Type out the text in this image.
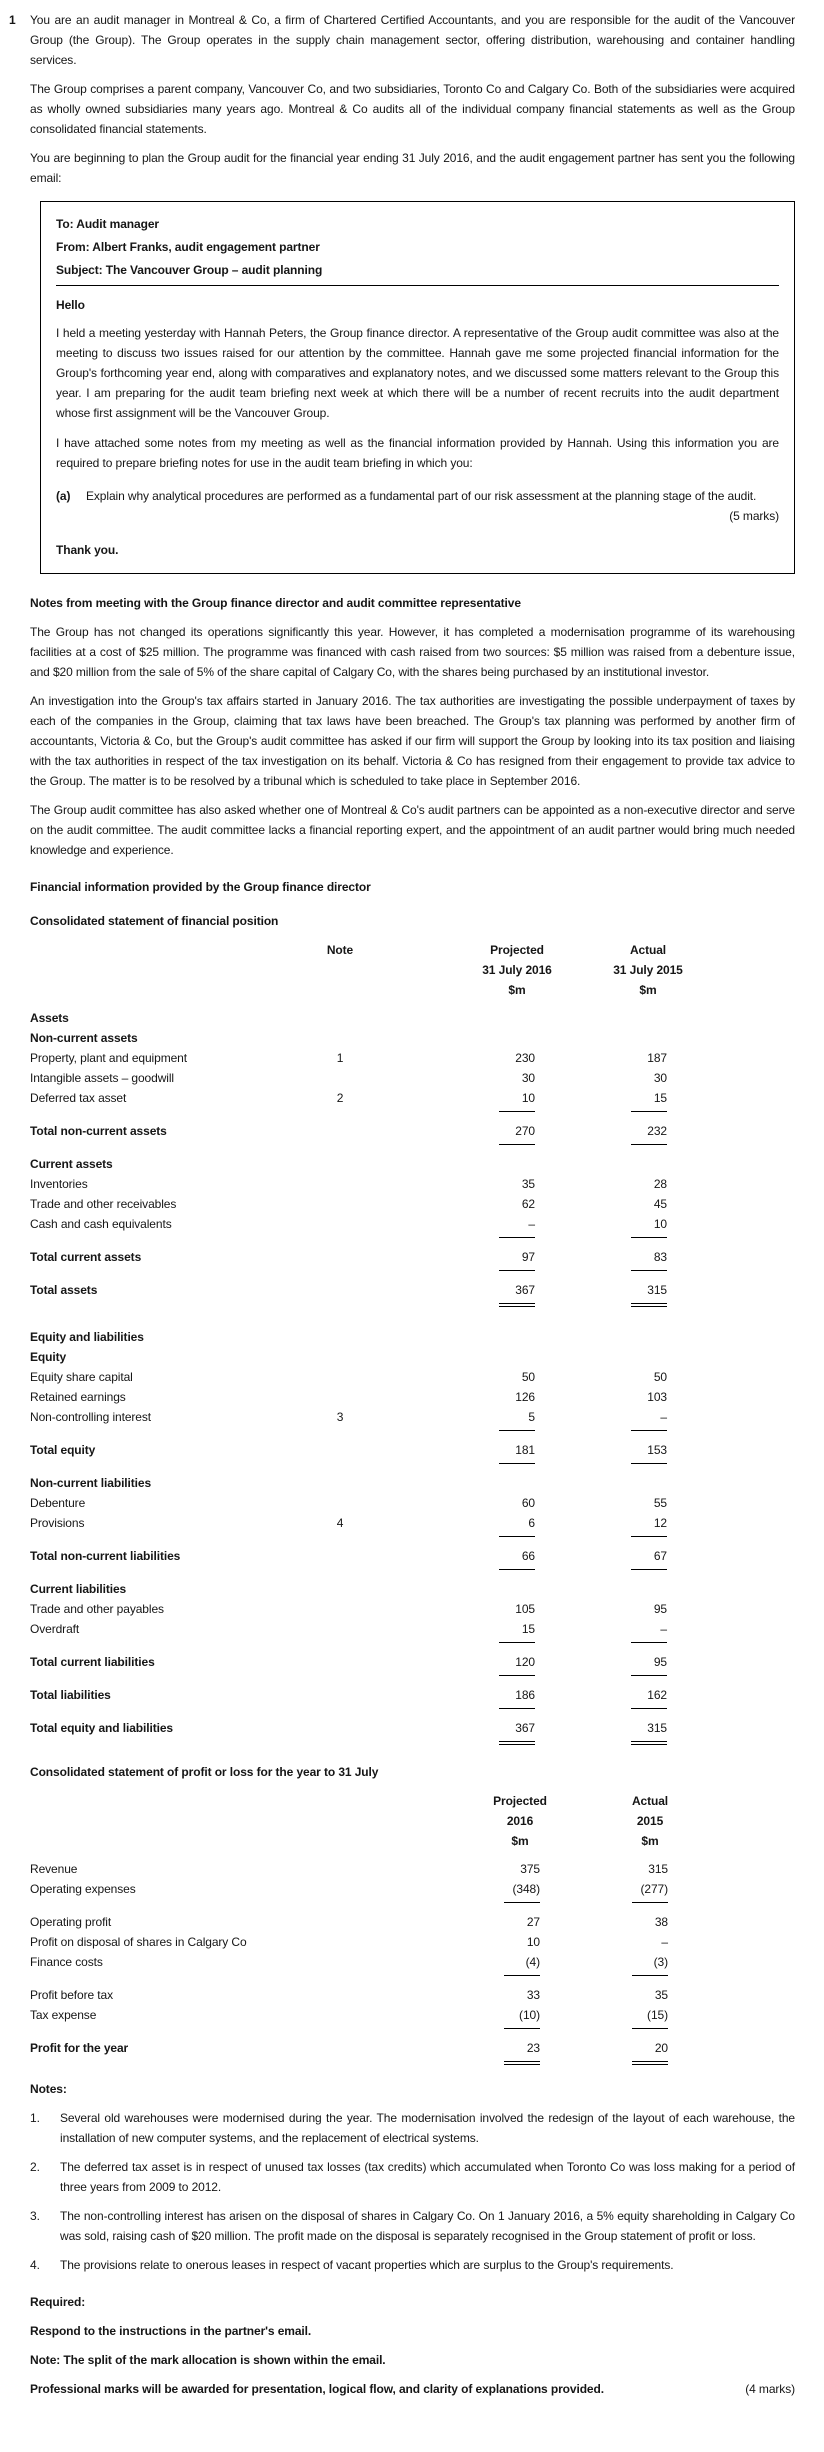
1 You are an audit manager in Montreal & Co, a firm of Chartered Certified Accountants, and you are responsible for the audit of the Vancouver Group (the Group). The Group operates in the supply chain management sector, offering distribution, warehousing and container handling services.

The Group comprises a parent company, Vancouver Co, and two subsidiaries, Toronto Co and Calgary Co. Both of the subsidiaries were acquired as wholly owned subsidiaries many years ago. Montreal & Co audits all of the individual company financial statements as well as the Group consolidated financial statements.

You are beginning to plan the Group audit for the financial year ending 31 July 2016, and the audit engagement partner has sent you the following email:

To: Audit manager

From: Albert Franks, audit engagement partner

Subject: The Vancouver Group – audit planning

Hello

I held a meeting yesterday with Hannah Peters, the Group finance director. A representative of the Group audit committee was also at the meeting to discuss two issues raised for our attention by the committee. Hannah gave me some projected financial information for the Group's forthcoming year end, along with comparatives and explanatory notes, and we discussed some matters relevant to the Group this year. I am preparing for the audit team briefing next week at which there will be a number of recent recruits into the audit department whose first assignment will be the Vancouver Group.

I have attached some notes from my meeting as well as the financial information provided by Hannah. Using this information you are required to prepare briefing notes for use in the audit team briefing in which you:

(a)	Explain why analytical procedures are performed as a fundamental part of our risk assessment at the planning stage of the audit.
(5 marks)

Thank you.

Notes from meeting with the Group finance director and audit committee representative

The Group has not changed its operations significantly this year. However, it has completed a modernisation programme of its warehousing facilities at a cost of $25 million. The programme was financed with cash raised from two sources: $5 million was raised from a debenture issue, and $20 million from the sale of 5% of the share capital of Calgary Co, with the shares being purchased by an institutional investor.

An investigation into the Group's tax affairs started in January 2016. The tax authorities are investigating the possible underpayment of taxes by each of the companies in the Group, claiming that tax laws have been breached. The Group's tax planning was performed by another firm of accountants, Victoria & Co, but the Group's audit committee has asked if our firm will support the Group by looking into its tax position and liaising with the tax authorities in respect of the tax investigation on its behalf. Victoria & Co has resigned from their engagement to provide tax advice to the Group. The matter is to be resolved by a tribunal which is scheduled to take place in September 2016.

The Group audit committee has also asked whether one of Montreal & Co's audit partners can be appointed as a non-executive director and serve on the audit committee. The audit committee lacks a financial reporting expert, and the appointment of an audit partner would bring much needed knowledge and experience.

Financial information provided by the Group finance director
Consolidated statement of financial position
Note	Projected	Actual
31 July 2016	31 July 2015
$m	$m
Assets
Non-current assets
Property, plant and equipment	1	230	187
Intangible assets – goodwill	30	30
Deferred tax asset	2	10	15
Total non-current assets	270	232
Current assets
Inventories	35	28
Trade and other receivables	62	45
Cash and cash equivalents	–	10
Total current assets	97	83
Total assets	367	315
Equity and liabilities
Equity
Equity share capital	50	50
Retained earnings	126	103
Non-controlling interest	3	5	–
Total equity	181	153
Non-current liabilities
Debenture	60	55
Provisions	4	6	12
Total non-current liabilities	66	67
Current liabilities
Trade and other payables	105	95
Overdraft	15	–
Total current liabilities	120	95
Total liabilities	186	162
Total equity and liabilities	367	315
Consolidated statement of profit or loss for the year to 31 July
Projected	Actual
2016	2015
$m	$m
Revenue	375	315
Operating expenses	(348)	(277)
Operating profit	27	38
Profit on disposal of shares in Calgary Co	10	–
Finance costs	(4)	(3)
Profit before tax	33	35
Tax expense	(10)	(15)
Profit for the year	23	20
Notes:
1.	Several old warehouses were modernised during the year. The modernisation involved the redesign of the layout of each warehouse, the installation of new computer systems, and the replacement of electrical systems.
2.	The deferred tax asset is in respect of unused tax losses (tax credits) which accumulated when Toronto Co was loss making for a period of three years from 2009 to 2012.
3.	The non-controlling interest has arisen on the disposal of shares in Calgary Co. On 1 January 2016, a 5% equity shareholding in Calgary Co was sold, raising cash of $20 million. The profit made on the disposal is separately recognised in the Group statement of profit or loss.
4.	The provisions relate to onerous leases in respect of vacant properties which are surplus to the Group's requirements.
Required:

Respond to the instructions in the partner's email.

Note: The split of the mark allocation is shown within the email.

Professional marks will be awarded for presentation, logical flow, and clarity of explanations provided.	(4 marks)
